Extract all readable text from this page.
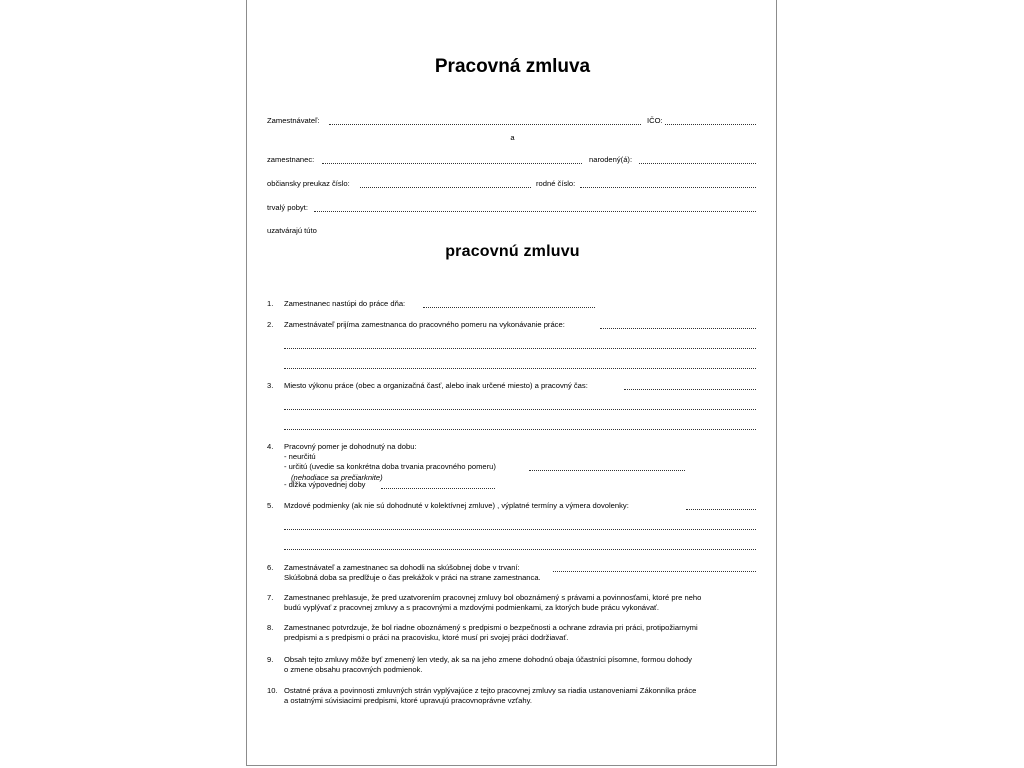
Pracovná zmluva
Zamestnávateľ:	IČO:
a
zamestnanec:	narodený(á):
občiansky preukaz číslo:	rodné číslo:
trvalý pobyt:
uzatvárajú túto
pracovnú zmluvu
1. Zamestnanec nastúpi do práce dňa:
2. Zamestnávateľ prijíma zamestnanca do pracovného pomeru na vykonávanie práce:
3. Miesto výkonu práce (obec a organizačná časť, alebo inak určené miesto) a pracovný čas:
4. Pracovný pomer je dohodnutý na dobu:
- neurčitú
- určitú (uvedie sa konkrétna doba trvania pracovného pomeru)
(nehodiace sa prečiarknite)
- dĺžka výpovednej doby
5. Mzdové podmienky (ak nie sú dohodnuté v kolektívnej zmluve) , výplatné termíny a výmera dovolenky:
6. Zamestnávateľ a zamestnanec sa dohodli na skúšobnej dobe v trvaní:
Skúšobná doba sa predlžuje o čas prekážok v práci na strane zamestnanca.
7. Zamestnanec prehlasuje, že pred uzatvorením pracovnej zmluvy bol oboznámený s právami a povinnosťami, ktoré pre neho
budú vyplývať z pracovnej zmluvy a s pracovnými a mzdovými podmienkami, za ktorých bude prácu vykonávať.
8. Zamestnanec potvrdzuje, že bol riadne oboznámený s predpismi o bezpečnosti a ochrane zdravia pri práci, protipožiarnymi
predpismi a s predpismi o práci na pracovisku, ktoré musí pri svojej práci dodržiavať.
9. Obsah tejto zmluvy môže byť zmenený len vtedy, ak sa na jeho zmene dohodnú obaja účastníci písomne, formou dohody
o zmene obsahu pracovných podmienok.
10. Ostatné práva a povinnosti zmluvných strán vyplývajúce z tejto pracovnej zmluvy sa riadia ustanoveniami Zákonníka práce
a ostatnými súvisiacimi predpismi, ktoré upravujú pracovnoprávne vzťahy.
